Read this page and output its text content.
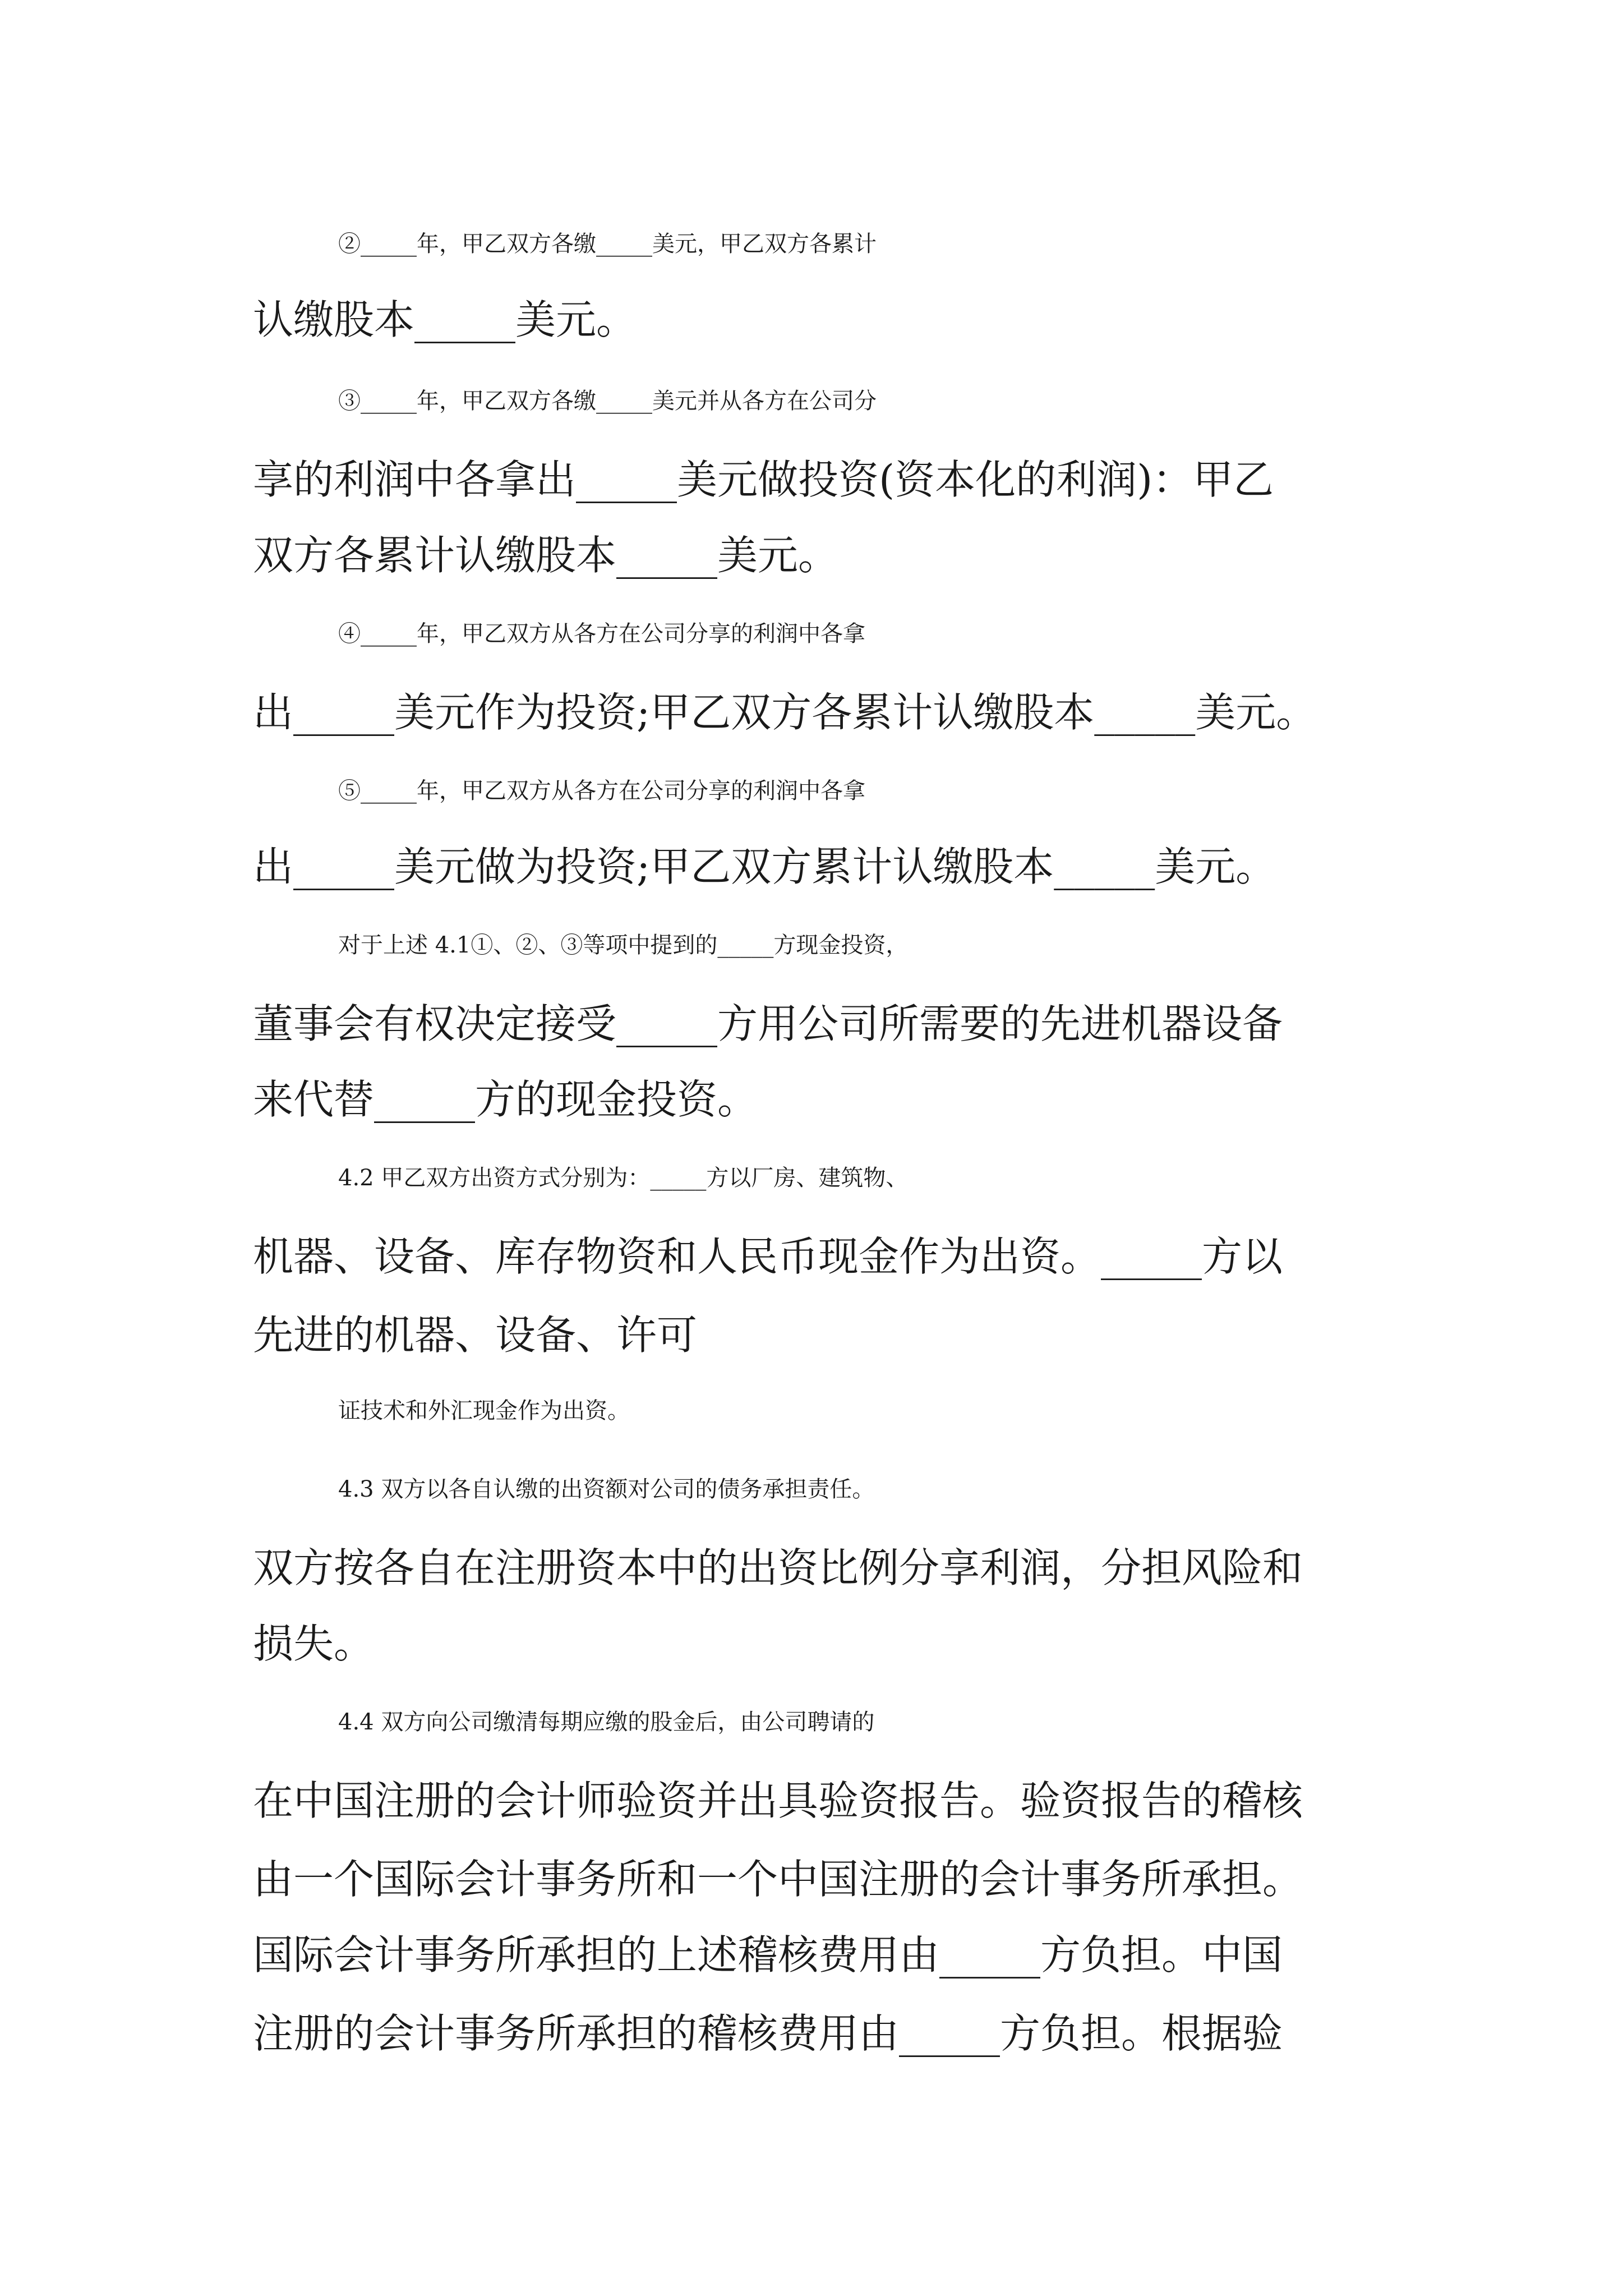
②_____年，甲乙双方各缴_____美元，甲乙双方各累计
认缴股本_____美元。
③_____年，甲乙双方各缴_____美元并从各方在公司分
享的利润中各拿出_____美元做投资(资本化的利润)：甲乙
双方各累计认缴股本_____美元。
④_____年，甲乙双方从各方在公司分享的利润中各拿
出_____美元作为投资;甲乙双方各累计认缴股本_____美元。
⑤_____年，甲乙双方从各方在公司分享的利润中各拿
出_____美元做为投资;甲乙双方累计认缴股本_____美元。
对于上述 4.1①、②、③等项中提到的_____方现金投资，
董事会有权决定接受_____方用公司所需要的先进机器设备
来代替_____方的现金投资。
4.2 甲乙双方出资方式分别为：_____方以厂房、建筑物、
机器、设备、库存物资和人民币现金作为出资。_____方以
先进的机器、设备、许可
证技术和外汇现金作为出资。
4.3 双方以各自认缴的出资额对公司的债务承担责任。
双方按各自在注册资本中的出资比例分享利润，分担风险和
损失。
4.4 双方向公司缴清每期应缴的股金后，由公司聘请的
在中国注册的会计师验资并出具验资报告。验资报告的稽核
由一个国际会计事务所和一个中国注册的会计事务所承担。
国际会计事务所承担的上述稽核费用由_____方负担。中国
注册的会计事务所承担的稽核费用由_____方负担。根据验
